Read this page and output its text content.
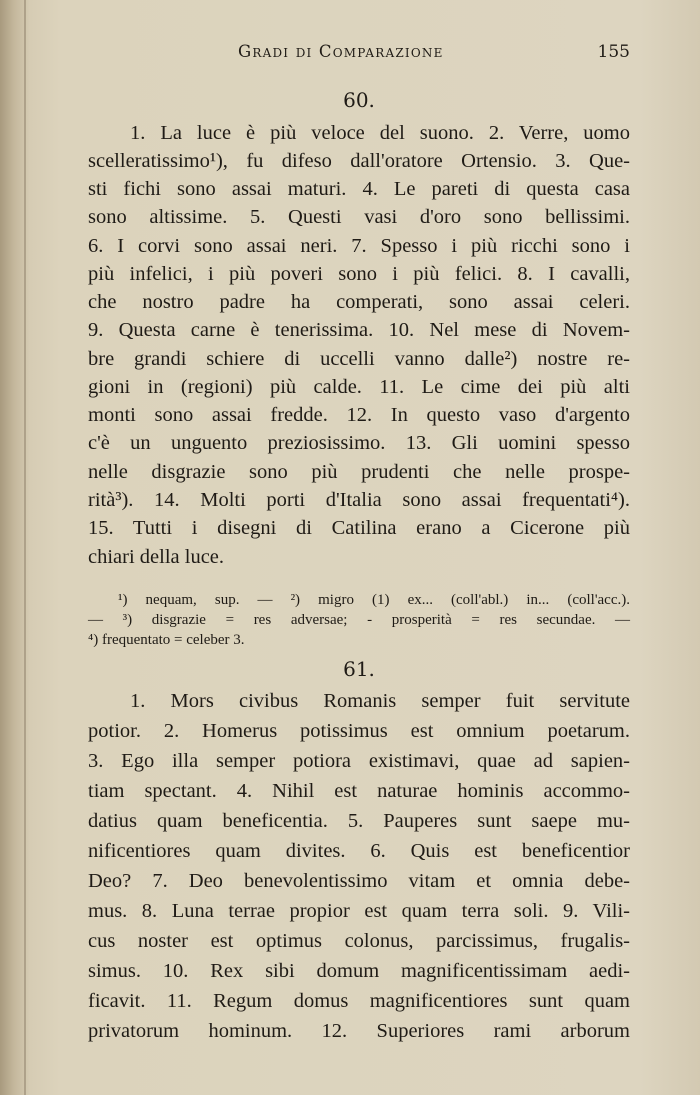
Gradi di Comparazione	155
60.
1. La luce è più veloce del suono. 2. Verre, uomo
scelleratissimo¹), fu difeso dall'oratore Ortensio. 3. Que-
sti fichi sono assai maturi. 4. Le pareti di questa casa
sono altissime. 5. Questi vasi d'oro sono bellissimi.
6. I corvi sono assai neri. 7. Spesso i più ricchi sono i
più infelici, i più poveri sono i più felici. 8. I cavalli,
che nostro padre ha comperati, sono assai celeri.
9. Questa carne è tenerissima. 10. Nel mese di Novem-
bre grandi schiere di uccelli vanno dalle²) nostre re-
gioni in (regioni) più calde. 11. Le cime dei più alti
monti sono assai fredde. 12. In questo vaso d'argento
c'è un unguento preziosissimo. 13. Gli uomini spesso
nelle disgrazie sono più prudenti che nelle prospe-
rità³). 14. Molti porti d'Italia sono assai frequentati⁴).
15. Tutti i disegni di Catilina erano a Cicerone più
chiari della luce.
¹) nequam, sup. — ²) migro (1) ex... (coll'abl.) in... (coll'acc.).
— ³) disgrazie = res adversae; - prosperità = res secundae. —
⁴) frequentato = celeber 3.
61.
1. Mors civibus Romanis semper fuit servitute
potior. 2. Homerus potissimus est omnium poetarum.
3. Ego illa semper potiora existimavi, quae ad sapien-
tiam spectant. 4. Nihil est naturae hominis accommo-
datius quam beneficentia. 5. Pauperes sunt saepe mu-
nificentiores quam divites. 6. Quis est beneficentior
Deo? 7. Deo benevolentissimo vitam et omnia debe-
mus. 8. Luna terrae propior est quam terra soli. 9. Vili-
cus noster est optimus colonus, parcissimus, frugalis-
simus. 10. Rex sibi domum magnificentissimam aedi-
ficavit. 11. Regum domus magnificentiores sunt quam
privatorum hominum. 12. Superiores rami arborum
